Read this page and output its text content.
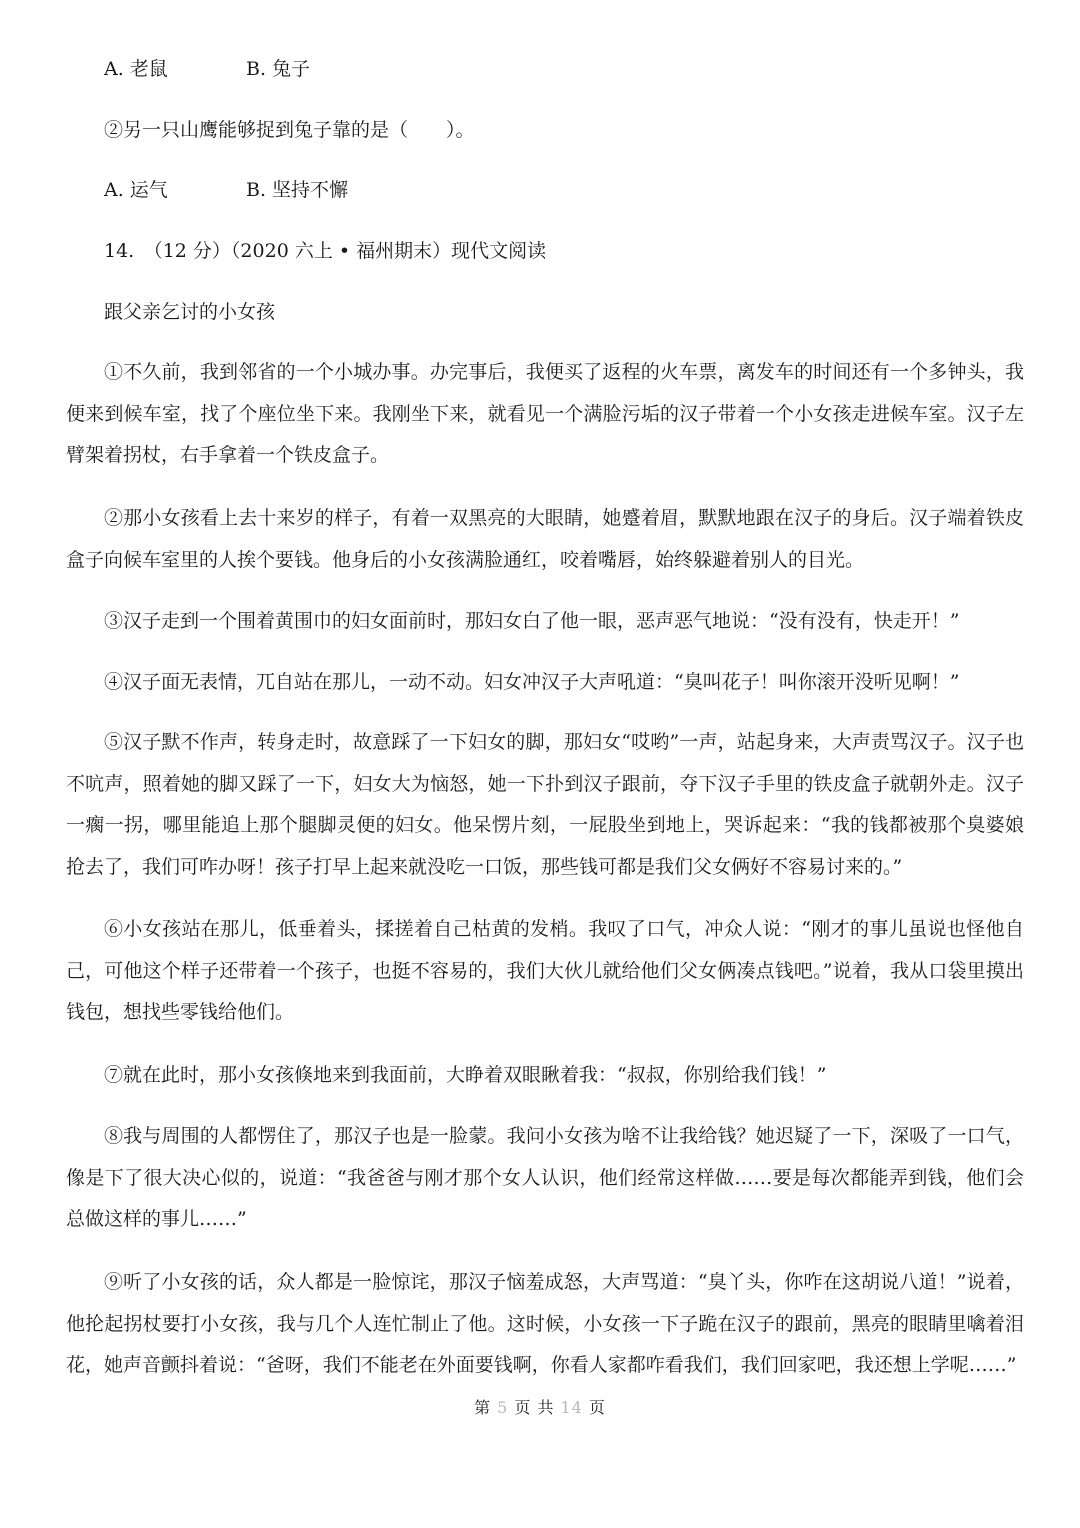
A. 老鼠	B. 兔子
②另一只山鹰能够捉到兔子靠的是（　　）。
A. 运气	B. 坚持不懈
14.　（12 分）（2020 六上 • 福州期末）现代文阅读
跟父亲乞讨的小女孩

①不久前，我到邻省的一个小城办事。办完事后，我便买了返程的火车票，离发车的时间还有一个多钟头，我便来到候车室，找了个座位坐下来。我刚坐下来，就看见一个满脸污垢的汉子带着一个小女孩走进候车室。汉子左臂架着拐杖，右手拿着一个铁皮盒子。

②那小女孩看上去十来岁的样子，有着一双黑亮的大眼睛，她蹙着眉，默默地跟在汉子的身后。汉子端着铁皮盒子向候车室里的人挨个要钱。他身后的小女孩满脸通红，咬着嘴唇，始终躲避着别人的目光。

③汉子走到一个围着黄围巾的妇女面前时，那妇女白了他一眼，恶声恶气地说：“没有没有，快走开！”

④汉子面无表情，兀自站在那儿，一动不动。妇女冲汉子大声吼道：“臭叫花子！叫你滚开没听见啊！”

⑤汉子默不作声，转身走时，故意踩了一下妇女的脚，那妇女“哎哟”一声，站起身来，大声责骂汉子。汉子也不吭声，照着她的脚又踩了一下，妇女大为恼怒，她一下扑到汉子跟前，夺下汉子手里的铁皮盒子就朝外走。汉子一瘸一拐，哪里能追上那个腿脚灵便的妇女。他呆愣片刻，一屁股坐到地上，哭诉起来：“我的钱都被那个臭婆娘抢去了，我们可咋办呀！孩子打早上起来就没吃一口饭，那些钱可都是我们父女俩好不容易讨来的。”

⑥小女孩站在那儿，低垂着头，揉搓着自己枯黄的发梢。我叹了口气，冲众人说：“刚才的事儿虽说也怪他自己，可他这个样子还带着一个孩子，也挺不容易的，我们大伙儿就给他们父女俩凑点钱吧。”说着，我从口袋里摸出钱包，想找些零钱给他们。

⑦就在此时，那小女孩倏地来到我面前，大睁着双眼瞅着我：“叔叔，你别给我们钱！”

⑧我与周围的人都愣住了，那汉子也是一脸蒙。我问小女孩为啥不让我给钱？她迟疑了一下，深吸了一口气，像是下了很大决心似的，说道：“我爸爸与刚才那个女人认识，他们经常这样做……要是每次都能弄到钱，他们会总做这样的事儿……”

⑨听了小女孩的话，众人都是一脸惊诧，那汉子恼羞成怒，大声骂道：“臭丫头，你咋在这胡说八道！”说着，他抡起拐杖要打小女孩，我与几个人连忙制止了他。这时候，小女孩一下子跪在汉子的跟前，黑亮的眼睛里噙着泪花，她声音颤抖着说：“爸呀，我们不能老在外面要钱啊，你看人家都咋看我们，我们回家吧，我还想上学呢……”

第 5 页 共 14 页
